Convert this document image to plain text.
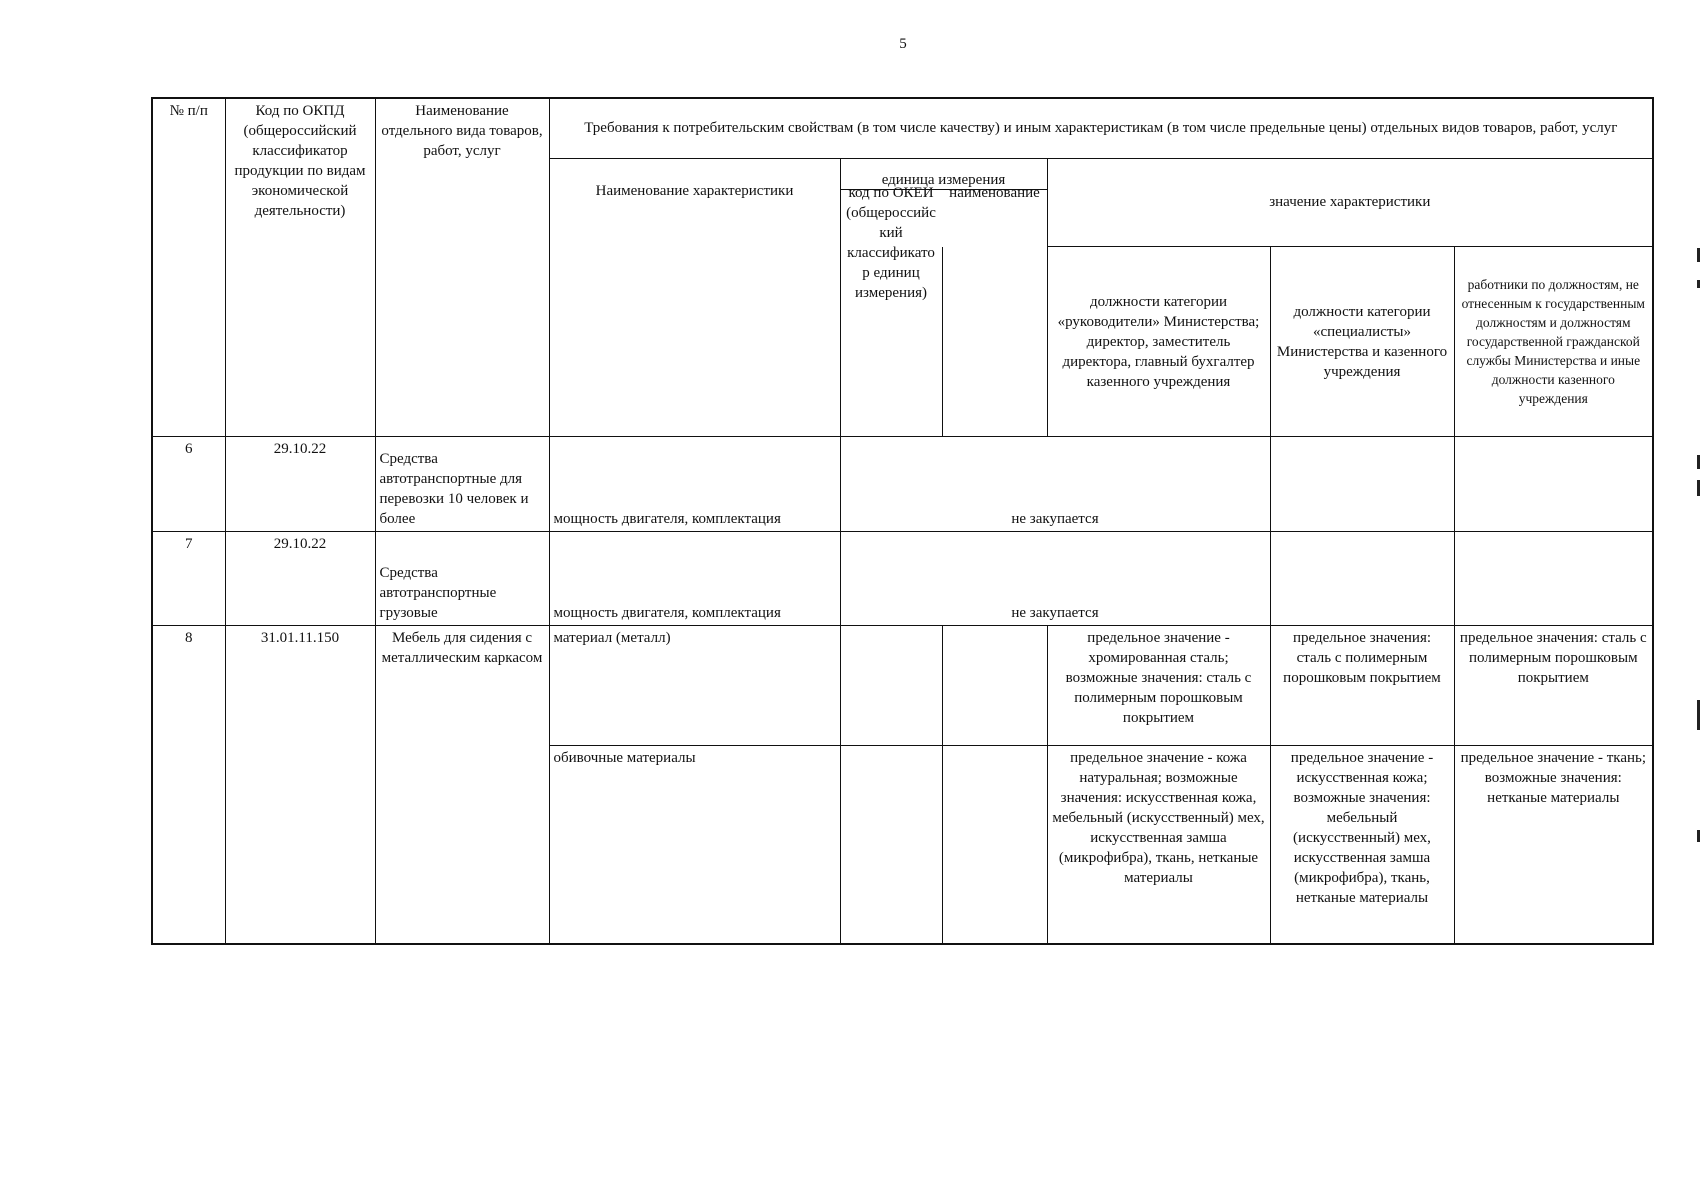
5
№ п/п	Код по ОКПД (общероссийский классификатор продукции по видам экономической деятельности)	Наименование отдельного вида товаров, работ, услуг	Требования к потребительским свойствам (в том числе качеству) и иным характеристикам (в том числе предельные цены) отдельных видов товаров, работ, услуг					
			Наименование характеристики	единица измерения		значение характеристики		

				код по ОКЕИ (общероссийский классификатор единиц измерения)	наименование	должности категории «руководители» Министерства; директор, заместитель директора, главный бухгалтер казенного учреждения	должности категории «специалисты» Министерства и казенного учреждения	работники по должностям, не отнесенным к государственным должностям и должностям государственной гражданской службы Министерства и иные должности казенного учреждения
6	29.10.22	Средства автотранспортные для перевозки 10 человек и более	мощность двигателя, комплектация	не закупается				
7	29.10.22	Средства автотранспортные грузовые	мощность двигателя, комплектация	не закупается				
8	31.01.11.150	Мебель для сидения с металлическим каркасом	материал (металл)			предельное значение - хромированная сталь; возможные значения: сталь с полимерным порошковым покрытием	предельное значения: сталь с полимерным порошковым покрытием	предельное значения: сталь с полимерным порошковым покрытием
			обивочные материалы			предельное значение - кожа натуральная; возможные значения: искусственная кожа, мебельный (искусственный) мех, искусственная замша (микрофибра), ткань, нетканые материалы	предельное значение - искусственная кожа; возможные значения: мебельный (искусственный) мех, искусственная замша (микрофибра), ткань, нетканые материалы	предельное значение - ткань; возможные значения: нетканые материалы
